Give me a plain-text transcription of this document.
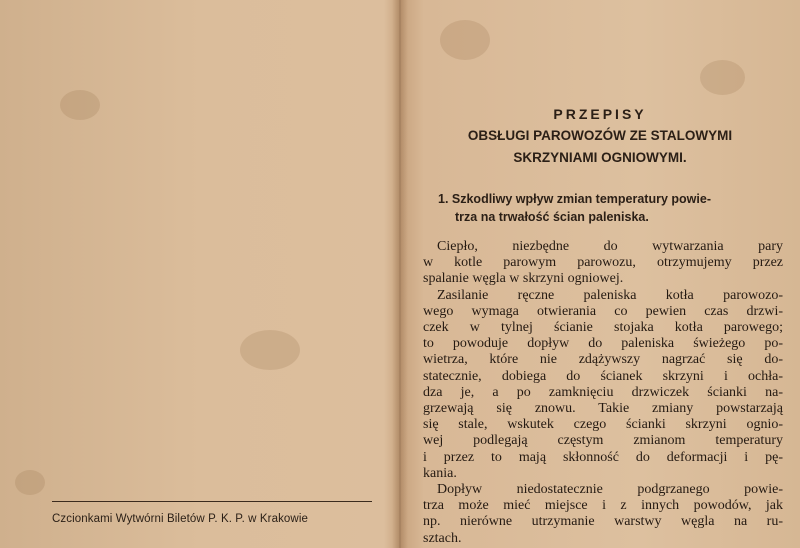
Czcionkami Wytwórni Biletów P. K. P. w Krakowie
PRZEPISY
OBSŁUGI PAROWOZÓW ZE STALOWYMI
SKRZYNIAMI OGNIOWYMI.
1. Szkodliwy wpływ zmian temperatury powie-
trza na trwałość ścian paleniska.
Ciepło, niezbędne do wytwarzania pary
w kotle parowym parowozu, otrzymujemy przez
spalanie węgla w skrzyni ogniowej.
Zasilanie ręczne paleniska kotła parowozo-
wego wymaga otwierania co pewien czas drzwi-
czek w tylnej ścianie stojaka kotła parowego;
to powoduje dopływ do paleniska świeżego po-
wietrza, które nie zdążywszy nagrzać się do-
statecznie, dobiega do ścianek skrzyni i ochła-
dza je, a po zamknięciu drzwiczek ścianki na-
grzewają się znowu. Takie zmiany powstarzają
się stale, wskutek czego ścianki skrzyni ognio-
wej podlegają częstym zmianom temperatury
i przez to mają skłonność do deformacji i pę-
kania.
Dopływ niedostatecznie podgrzanego powie-
trza może mieć miejsce i z innych powodów, jak
np. nierówne utrzymanie warstwy węgla na ru-
sztach.
